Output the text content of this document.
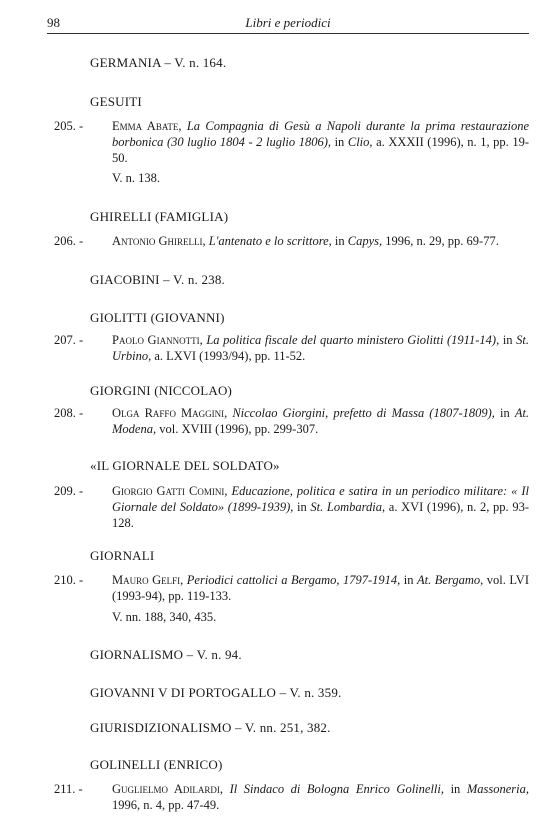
98	Libri e periodici
GERMANIA – V. n. 164.
GESUITI
205. -	Emma Abate, La Compagnia di Gesù a Napoli durante la prima restaurazione borbonica (30 luglio 1804 - 2 luglio 1806), in Clio, a. XXXII (1996), n. 1, pp. 19-50.
V. n. 138.
GHIRELLI (FAMIGLIA)
206. -	Antonio Ghirelli, L'antenato e lo scrittore, in Capys, 1996, n. 29, pp. 69-77.
GIACOBINI – V. n. 238.
GIOLITTI (GIOVANNI)
207. -	Paolo Giannotti, La politica fiscale del quarto ministero Giolitti (1911-14), in St. Urbino, a. LXVI (1993/94), pp. 11-52.
GIORGINI (NICCOLAO)
208. -	Olga Raffo Maggini, Niccolao Giorgini, prefetto di Massa (1807-1809), in At. Modena, vol. XVIII (1996), pp. 299-307.
«IL GIORNALE DEL SOLDATO»
209. -	Giorgio Gatti Comini, Educazione, politica e satira in un periodico militare: « Il Giornale del Soldato» (1899-1939), in St. Lombardia, a. XVI (1996), n. 2, pp. 93-128.
GIORNALI
210. -	Mauro Gelfi, Periodici cattolici a Bergamo, 1797-1914, in At. Bergamo, vol. LVI (1993-94), pp. 119-133.
V. nn. 188, 340, 435.
GIORNALISMO – V. n. 94.
GIOVANNI V DI PORTOGALLO – V. n. 359.
GIURISDIZIONALISMO – V. nn. 251, 382.
GOLINELLI (ENRICO)
211. -	Guglielmo Adilardi, Il Sindaco di Bologna Enrico Golinelli, in Massoneria, 1996, n. 4, pp. 47-49.
